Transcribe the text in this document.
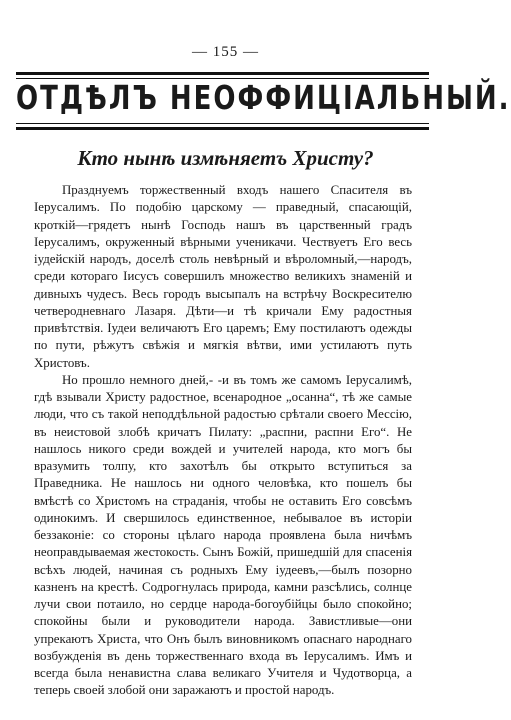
— 155 —
ОТДѢЛЪ НЕОФФИЦІАЛЬНЫЙ.
Кто нынѣ измѣняетъ Христу?

Празднуемъ торжественный входъ нашего Спасителя въ Іерусалимъ. По подобію царскому — праведный, спасающій, кроткій—грядетъ нынѣ Господь нашъ въ царственный градъ Іерусалимъ, окруженный вѣрными ученикачи. Чествуетъ Его весь іудейскій народъ, доселѣ столь невѣрный и вѣроломный,—народъ, среди котораго Іисусъ совершилъ множество великихъ знаменій и дивныхъ чудесъ. Весь городъ высыпалъ на встрѣчу Воскресителю четверодневнаго Лазаря. Дѣти—и тѣ кричали Ему радостныя привѣтствія. Іудеи величаютъ Его царемъ; Ему постилаютъ одежды по пути, рѣжутъ свѣжія и мягкія вѣтви, ими устилаютъ путь Христовъ.

Но прошло немного дней,- -и въ томъ же самомъ Іерусалимѣ, гдѣ взывали Христу радостное, всенародное „осанна“, тѣ же самые люди, что съ такой неподдѣльной радостью срѣтали своего Мессію, въ неистовой злобѣ кричатъ Пилату: „распни, распни Его“. Не нашлось никого среди вождей и учителей народа, кто могъ бы вразумить толпу, кто захотѣлъ бы открыто вступиться за Праведника. Не нашлось ни одного человѣка, кто пошелъ бы вмѣстѣ со Христомъ на страданія, чтобы не оставить Его совсѣмъ одинокимъ. И свершилось единственное, небывалое въ исторіи беззаконіе: со стороны цѣлаго народа проявлена была ничѣмъ неоправдываемая жестокость. Сынъ Божій, пришедшій для спасенія всѣхъ людей, начиная съ родныхъ Ему іудеевъ,—былъ позорно казненъ на крестѣ. Содрогнулась природа, камни разсѣлись, солнце лучи свои потаило, но сердце народа-богоубійцы было спокойно; спокойны были и руководители народа. Завистливые—они упрекаютъ Христа, что Онъ былъ виновникомъ опаснаго народнаго возбужденія въ день торжественнаго входа въ Іерусалимъ. Имъ и всегда была ненавистна слава великаго Учителя и Чудотворца, а теперь своей злобой они заражаютъ и простой народъ.
